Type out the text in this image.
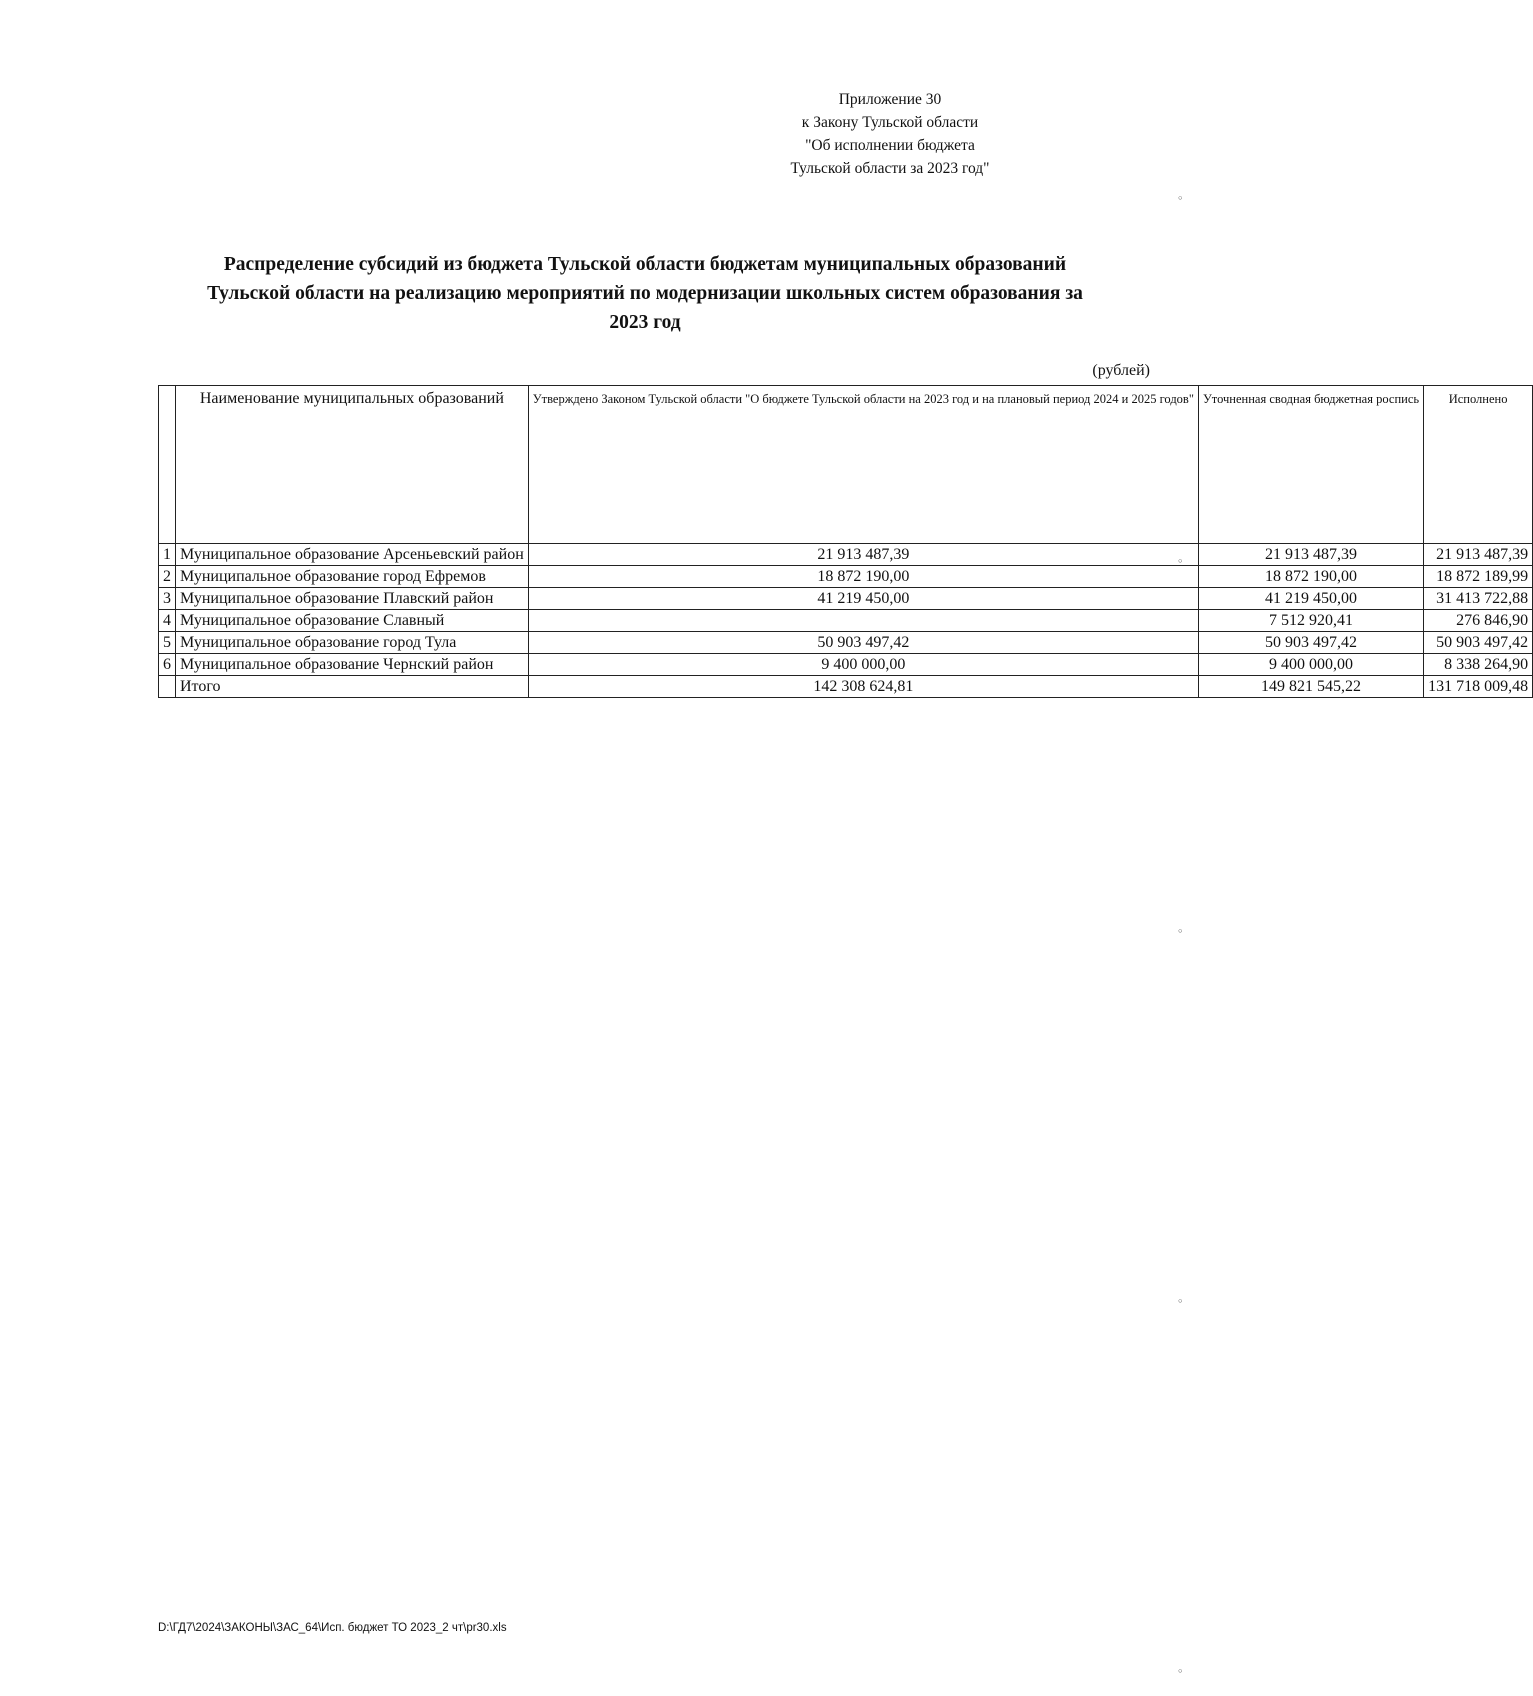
Приложение 30
к Закону Тульской области
"Об исполнении бюджета
Тульской области за 2023 год"
Распределение субсидий из бюджета Тульской области бюджетам муниципальных образований
Тульской области на реализацию мероприятий по модернизации школьных систем образования за
2023 год
(рублей)
	Наименование муниципальных образований	Утверждено Законом Тульской области "О бюджете Тульской области на 2023 год и на плановый период 2024 и 2025 годов"	Уточненная сводная бюджетная роспись	Исполнено
1	Муниципальное образование Арсеньевский район	21 913 487,39	21 913 487,39	21 913 487,39
2	Муниципальное образование город Ефремов	18 872 190,00	18 872 190,00	18 872 189,99
3	Муниципальное образование Плавский район	41 219 450,00	41 219 450,00	31 413 722,88
4	Муниципальное образование Славный		7 512 920,41	276 846,90
5	Муниципальное образование город Тула	50 903 497,42	50 903 497,42	50 903 497,42
6	Муниципальное образование Чернский район	9 400 000,00	9 400 000,00	8 338 264,90
	Итого	142 308 624,81	149 821 545,22	131 718 009,48
D:\ГД7\2024\ЗАКОНЫ\ЗАС_64\Исп. бюджет ТО 2023_2 чт\pr30.xls
◦
◦
◦
◦
◦
